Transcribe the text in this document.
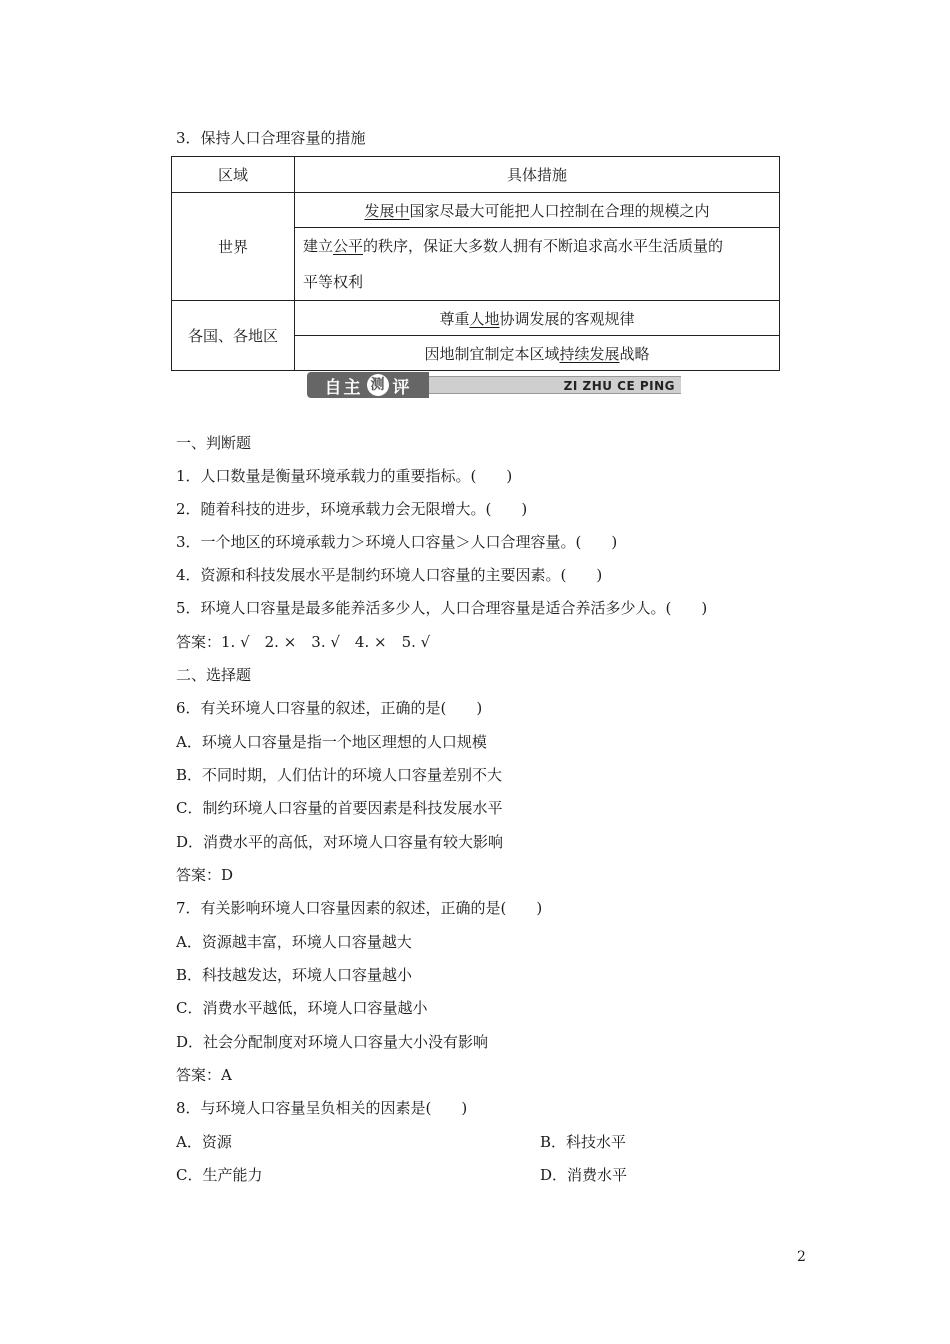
3．保持人口合理容量的措施
区域	具体措施
世界	发展中国家尽最大可能把人口控制在合理的规模之内
	建立公平的秩序，保证大多数人拥有不断追求高水平生活质量的
平等权利
各国、各地区	尊重人地协调发展的客观规律
	因地制宜制定本区域持续发展战略
自主 测 评	ZI ZHU CE PING
一、判断题
1．人口数量是衡量环境承载力的重要指标。(　　)
2．随着科技的进步，环境承载力会无限增大。(　　)
3．一个地区的环境承载力＞环境人口容量＞人口合理容量。(　　)
4．资源和科技发展水平是制约环境人口容量的主要因素。(　　)
5．环境人口容量是最多能养活多少人，人口合理容量是适合养活多少人。(　　)
答案：1. √　2. ×　3. √　4. ×　5. √
二、选择题
6．有关环境人口容量的叙述，正确的是(　　)
A．环境人口容量是指一个地区理想的人口规模
B．不同时期，人们估计的环境人口容量差别不大
C．制约环境人口容量的首要因素是科技发展水平
D．消费水平的高低，对环境人口容量有较大影响
答案：D
7．有关影响环境人口容量因素的叙述，正确的是(　　)
A．资源越丰富，环境人口容量越大
B．科技越发达，环境人口容量越小
C．消费水平越低，环境人口容量越小
D．社会分配制度对环境人口容量大小没有影响
答案：A
8．与环境人口容量呈负相关的因素是(　　)
A．资源	B．科技水平
C．生产能力	D．消费水平
2
